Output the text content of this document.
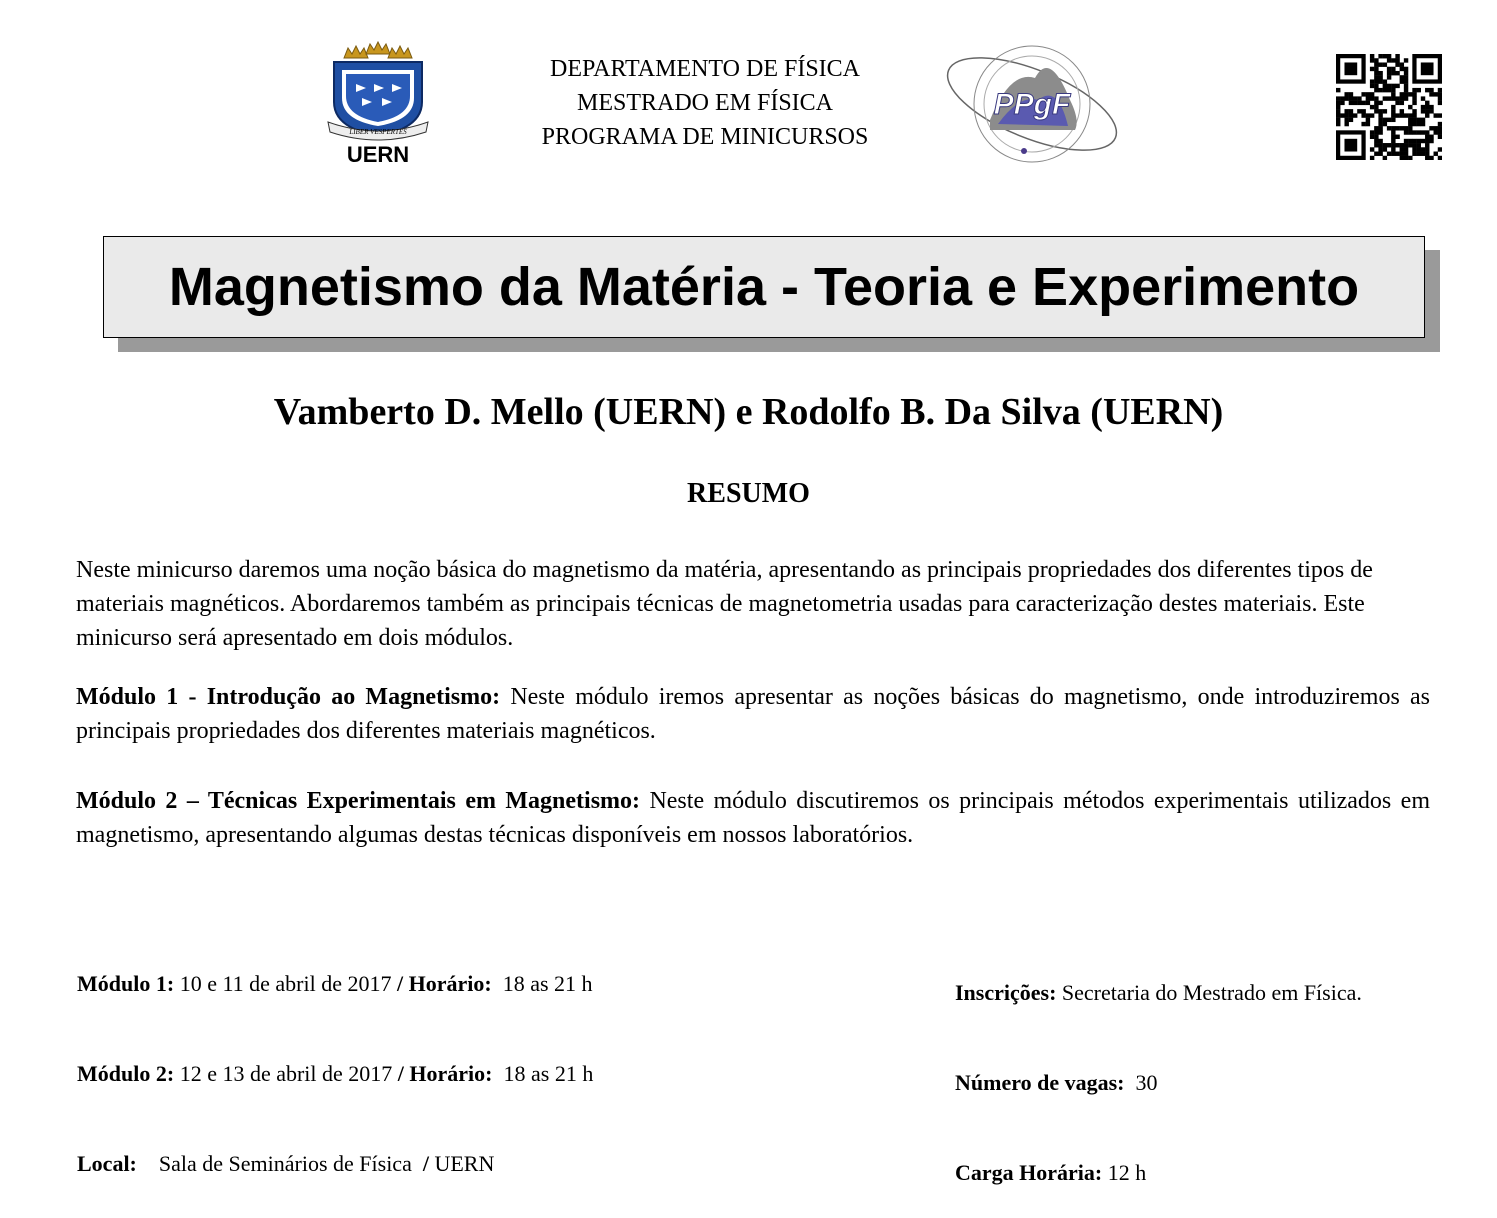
LIBER VESPERTES
UERN
DEPARTAMENTO DE FÍSICA
MESTRADO EM FÍSICA
PROGRAMA DE MINICURSOS
PPgF
Magnetismo da Matéria - Teoria e Experimento
Vamberto D. Mello (UERN) e Rodolfo B. Da Silva (UERN)
RESUMO
Neste minicurso daremos uma noção básica do magnetismo da matéria, apresentando as principais propriedades dos diferentes tipos de materiais magnéticos. Abordaremos também as principais técnicas de magnetometria usadas para caracterização destes materiais. Este minicurso será apresentado em dois módulos.
Módulo 1 - Introdução ao Magnetismo: Neste módulo iremos apresentar as noções básicas do magnetismo, onde introduziremos as principais propriedades dos diferentes materiais magnéticos.
Módulo 2 – Técnicas Experimentais em Magnetismo: Neste módulo discutiremos os principais métodos experimentais utilizados em magnetismo, apresentando algumas destas técnicas disponíveis em nossos laboratórios.

Módulo 1: 10 e 11 de abril de 2017 / Horário:  18 as 21 h

Módulo 2: 12 e 13 de abril de 2017 / Horário:  18 as 21 h

Local:    Sala de Seminários de Física  / UERN

Inscrições: Secretaria do Mestrado em Física.

Número de vagas:  30

Carga Horária: 12 h
